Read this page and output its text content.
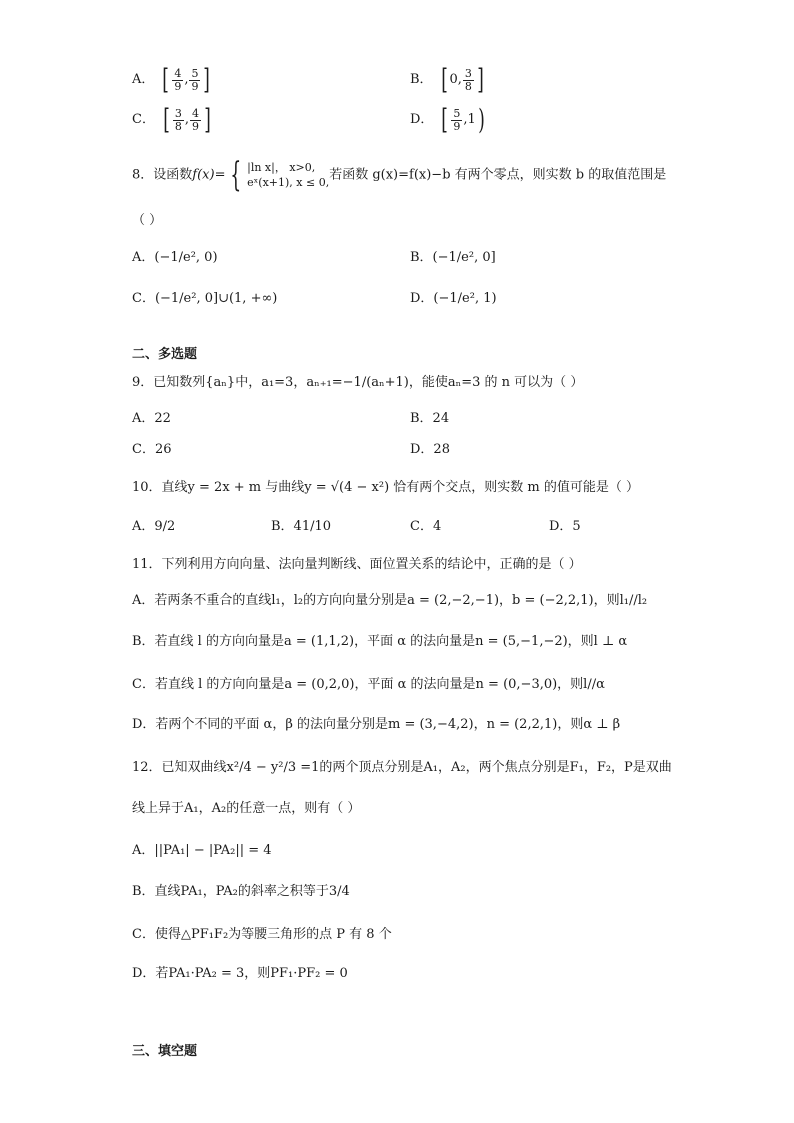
A． [ $\frac{4}{9}$ , $\frac{5}{9}$ ]	B． [ 0, $\frac{3}{8}$ ]
C． [ $\frac{3}{8}$ , $\frac{4}{9}$ ]	D． [ $\frac{5}{9} ,1$ )
8．设函数f(x)= { |ln x|， x>0,
eˣ(x+1), x ≤ 0, 若函数 g(x)=f(x)−b 有两个零点，则实数 b 的取值范围是
（ ）
A．(−1/e², 0)	B．(−1/e², 0]
C．(−1/e², 0]∪(1, +∞)	D．(−1/e², 1)
二、多选题
9．已知数列{aₙ}中，a₁=3，aₙ₊₁=−1/(aₙ+1)，能使aₙ=3 的 n 可以为（ ）
A．22	B．24
C．26	D．28
10．直线y = 2x + m 与曲线y = √(4 − x²) 恰有两个交点，则实数 m 的值可能是（ ）
A．9/2	B．41/10	C．4	D．5
11．下列利用方向向量、法向量判断线、面位置关系的结论中，正确的是（ ）
A．若两条不重合的直线l₁，l₂的方向向量分别是a = (2,−2,−1)，b = (−2,2,1)，则l₁//l₂
B．若直线 l 的方向向量是a = (1,1,2)，平面 α 的法向量是n = (5,−1,−2)，则l ⊥ α
C．若直线 l 的方向向量是a = (0,2,0)，平面 α 的法向量是n = (0,−3,0)，则l//α
D．若两个不同的平面 α，β 的法向量分别是m = (3,−4,2)，n = (2,2,1)，则α ⊥ β
12．已知双曲线x²/4 − y²/3 =1的两个顶点分别是A₁，A₂，两个焦点分别是F₁，F₂，P是双曲
线上异于A₁，A₂的任意一点，则有（ ）
A．||PA₁| − |PA₂|| = 4
B．直线PA₁，PA₂的斜率之积等于3/4
C．使得△PF₁F₂为等腰三角形的点 P 有 8 个
D．若PA₁·PA₂ = 3，则PF₁·PF₂ = 0
三、填空题
